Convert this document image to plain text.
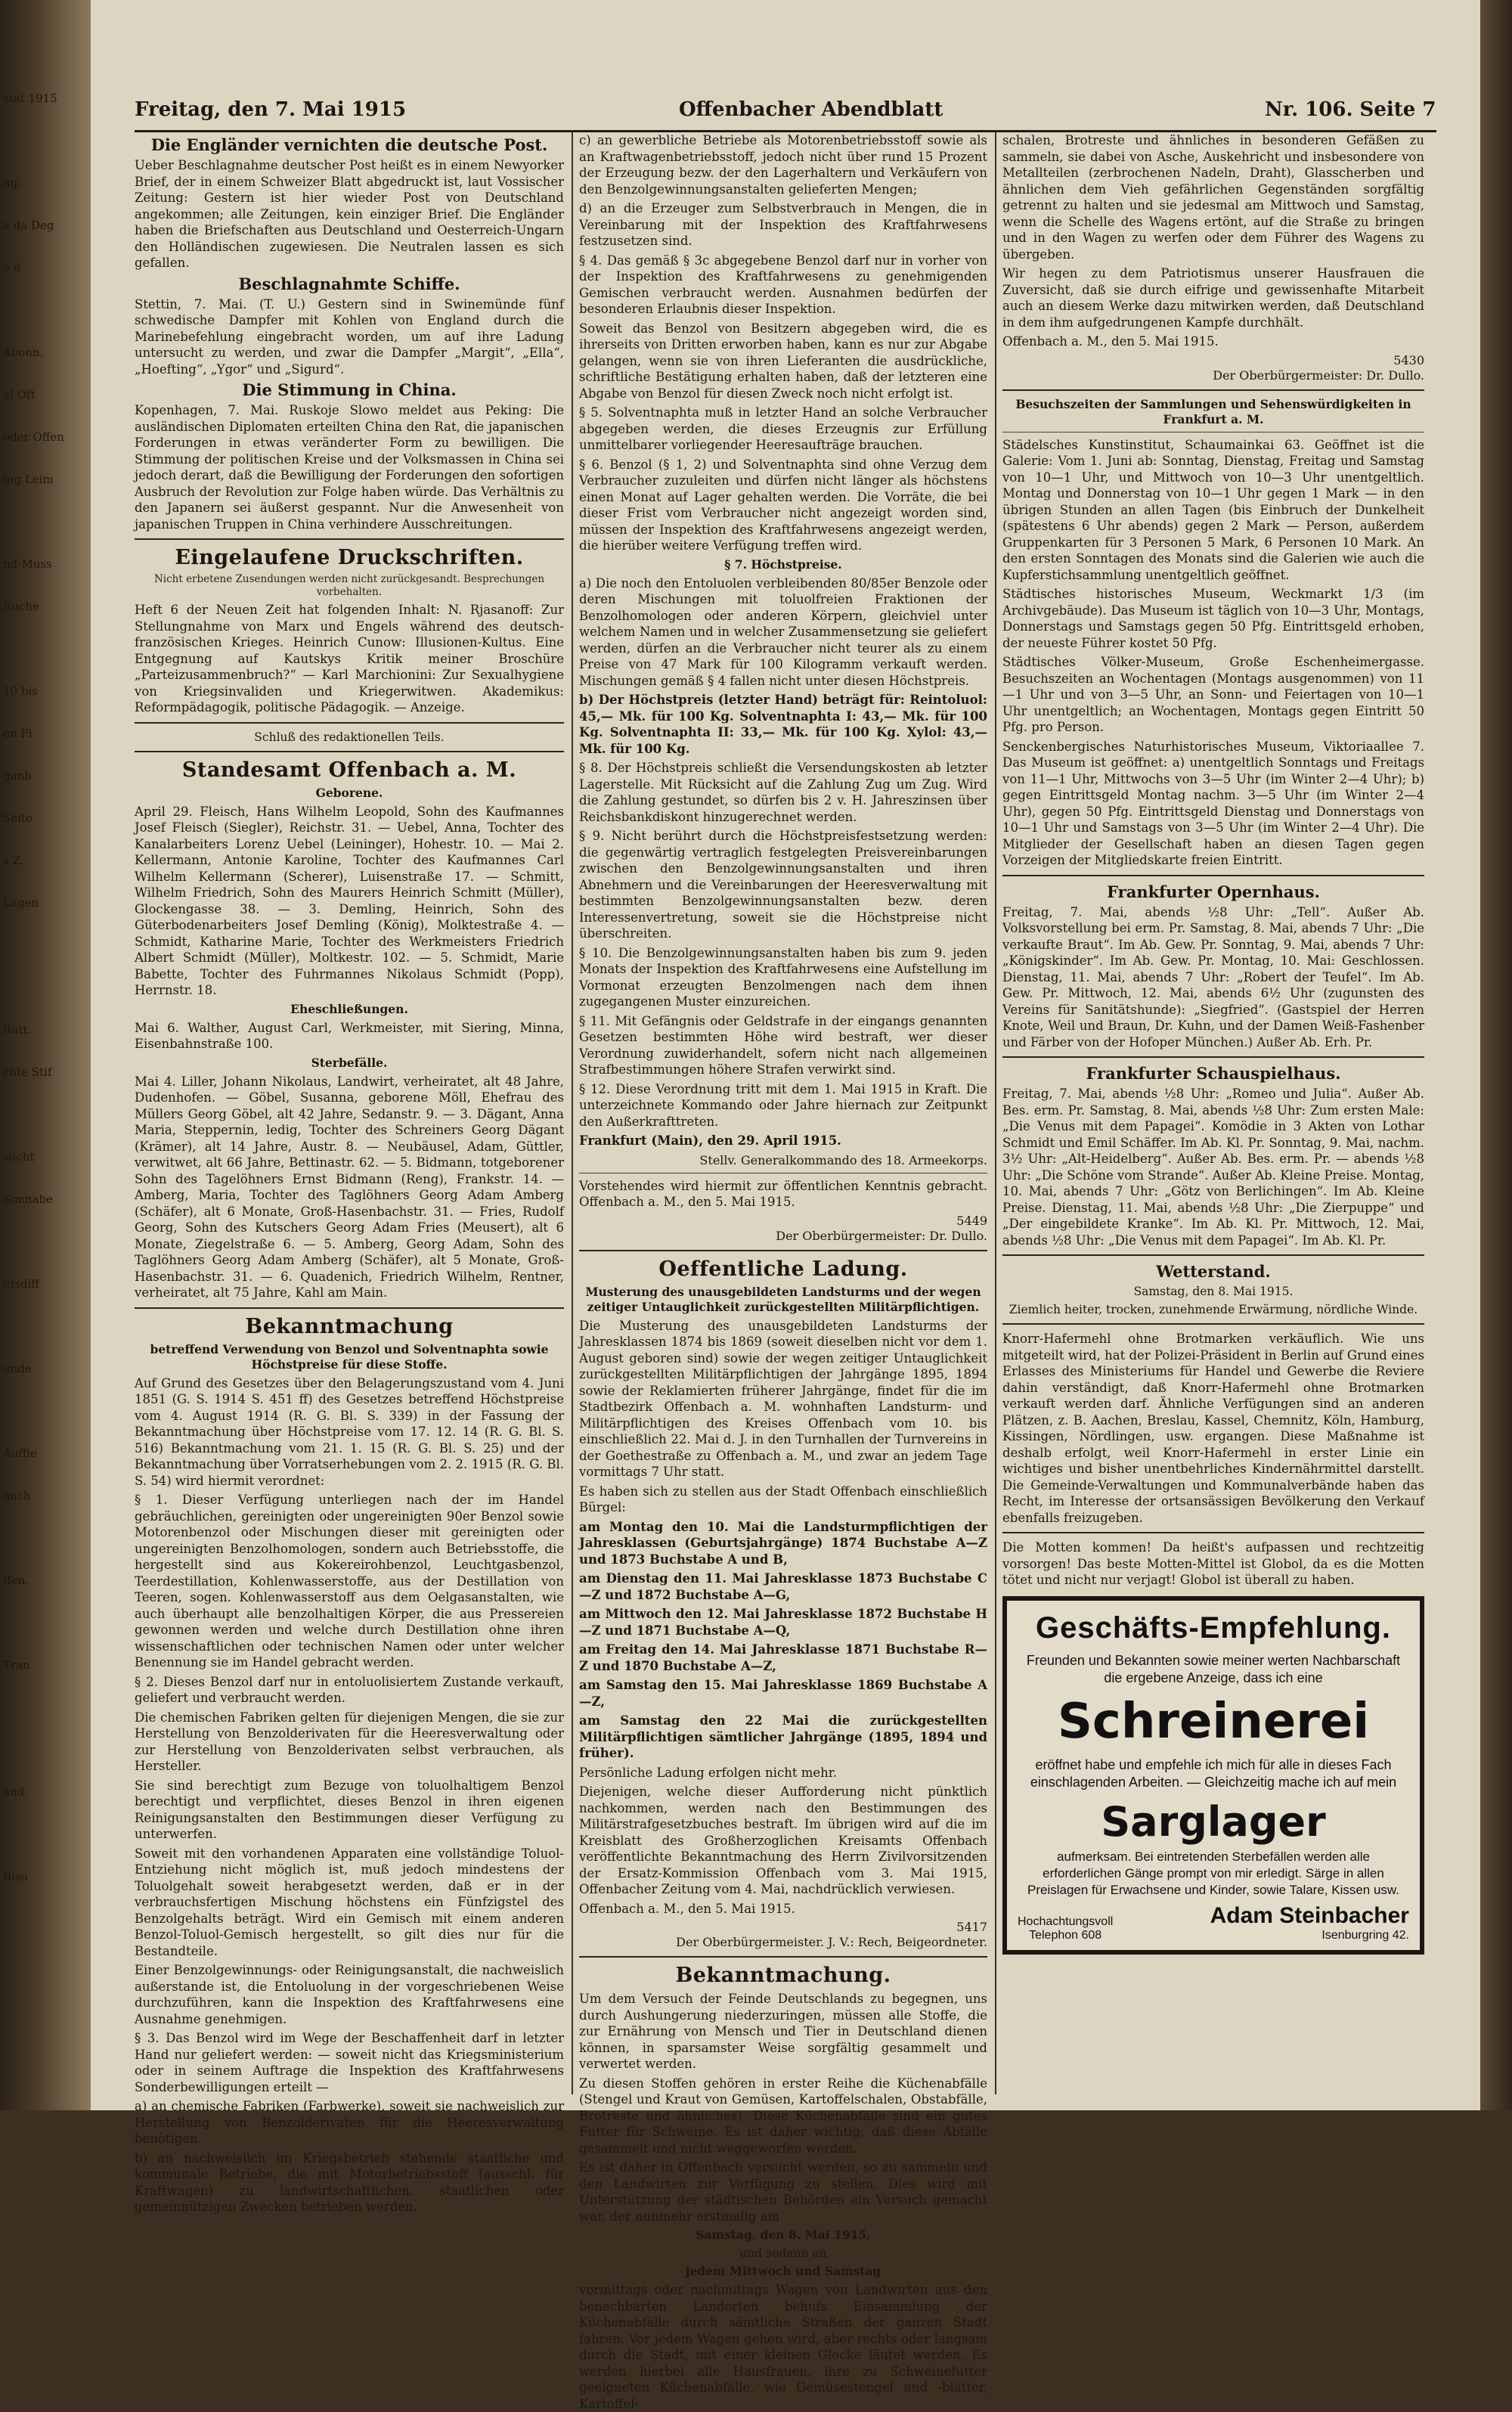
stat 1915
ng.
a da Deg
e d
Abonn.
al Oft
oder Offen
ing Leim
nd-Muss
Ruche
10 bis
en Fi
ganb
Seite
s Z.
Lagen
Ratt.
chte Stif
sucht
Sonnabe
ufsdiff
unde
Auffle
nach
ffen.
Tran
and.
Biso
Freitag, den 7. Mai 1915	Offenbacher Abendblatt	Nr. 106. Seite 7
Die Engländer vernichten die deutsche Post.

Ueber Beschlagnahme deutscher Post heißt es in einem Newyorker Brief, der in einem Schweizer Blatt abgedruckt ist, laut Vossischer Zeitung: Gestern ist hier wieder Post von Deutschland angekommen; alle Zeitungen, kein einziger Brief. Die Engländer haben die Briefschaften aus Deutschland und Oesterreich-Ungarn den Holländischen zugewiesen. Die Neutralen lassen es sich gefallen.

Beschlagnahmte Schiffe.

Stettin, 7. Mai. (T. U.) Gestern sind in Swinemünde fünf schwedische Dampfer mit Kohlen von England durch die Marinebefehlung eingebracht worden, um auf ihre Ladung untersucht zu werden, und zwar die Dampfer „Margit“, „Ella“, „Hoefting“, „Ygor“ und „Sigurd“.

Die Stimmung in China.

Kopenhagen, 7. Mai. Ruskoje Slowo meldet aus Peking: Die ausländischen Diplomaten erteilten China den Rat, die japanischen Forderungen in etwas veränderter Form zu bewilligen. Die Stimmung der politischen Kreise und der Volksmassen in China sei jedoch derart, daß die Bewilligung der Forderungen den sofortigen Ausbruch der Revolution zur Folge haben würde. Das Verhältnis zu den Japanern sei äußerst gespannt. Nur die Anwesenheit von japanischen Truppen in China verhindere Ausschreitungen.

Eingelaufene Druckschriften.
Nicht erbetene Zusendungen werden nicht zurückgesandt. Besprechungen vorbehalten.

Heft 6 der Neuen Zeit hat folgenden Inhalt: N. Rjasanoff: Zur Stellungnahme von Marx und Engels während des deutsch-französischen Krieges. Heinrich Cunow: Illusionen-Kultus. Eine Entgegnung auf Kautskys Kritik meiner Broschüre „Parteizusammenbruch?“ — Karl Marchionini: Zur Sexualhygiene von Kriegsinvaliden und Kriegerwitwen. Akademikus: Reformpädagogik, politische Pädagogik. — Anzeige.

Schluß des redaktionellen Teils.
Standesamt Offenbach a. M.
Geborene.

April 29. Fleisch, Hans Wilhelm Leopold, Sohn des Kaufmannes Josef Fleisch (Siegler), Reichstr. 31. — Uebel, Anna, Tochter des Kanalarbeiters Lorenz Uebel (Leininger), Hohestr. 10. — Mai 2. Kellermann, Antonie Karoline, Tochter des Kaufmannes Carl Wilhelm Kellermann (Scherer), Luisenstraße 17. — Schmitt, Wilhelm Friedrich, Sohn des Maurers Heinrich Schmitt (Müller), Glockengasse 38. — 3. Demling, Heinrich, Sohn des Güterbodenarbeiters Josef Demling (König), Molktestraße 4. — Schmidt, Katharine Marie, Tochter des Werkmeisters Friedrich Albert Schmidt (Müller), Moltkestr. 102. — 5. Schmidt, Marie Babette, Tochter des Fuhrmannes Nikolaus Schmidt (Popp), Herrnstr. 18.

Eheschließungen.

Mai 6. Walther, August Carl, Werkmeister, mit Siering, Minna, Eisenbahnstraße 100.

Sterbefälle.

Mai 4. Liller, Johann Nikolaus, Landwirt, verheiratet, alt 48 Jahre, Dudenhofen. — Göbel, Susanna, geborene Möll, Ehefrau des Müllers Georg Göbel, alt 42 Jahre, Sedanstr. 9. — 3. Dägant, Anna Maria, Steppernin, ledig, Tochter des Schreiners Georg Dägant (Krämer), alt 14 Jahre, Austr. 8. — Neubäusel, Adam, Güttler, verwitwet, alt 66 Jahre, Bettinastr. 62. — 5. Bidmann, totgeborener Sohn des Tagelöhners Ernst Bidmann (Reng), Frankstr. 14. — Amberg, Maria, Tochter des Taglöhners Georg Adam Amberg (Schäfer), alt 6 Monate, Groß-Hasenbachstr. 31. — Fries, Rudolf Georg, Sohn des Kutschers Georg Adam Fries (Meusert), alt 6 Monate, Ziegelstraße 6. — 5. Amberg, Georg Adam, Sohn des Taglöhners Georg Adam Amberg (Schäfer), alt 5 Monate, Groß-Hasenbachstr. 31. — 6. Quadenich, Friedrich Wilhelm, Rentner, verheiratet, alt 75 Jahre, Kahl am Main.

Bekanntmachung
betreffend Verwendung von Benzol und Solventnaphta sowie Höchstpreise für diese Stoffe.

Auf Grund des Gesetzes über den Belagerungszustand vom 4. Juni 1851 (G. S. 1914 S. 451 ff) des Gesetzes betreffend Höchstpreise vom 4. August 1914 (R. G. Bl. S. 339) in der Fassung der Bekanntmachung über Höchstpreise vom 17. 12. 14 (R. G. Bl. S. 516) Bekanntmachung vom 21. 1. 15 (R. G. Bl. S. 25) und der Bekanntmachung über Vorratserhebungen vom 2. 2. 1915 (R. G. Bl. S. 54) wird hiermit verordnet:

§ 1. Dieser Verfügung unterliegen nach der im Handel gebräuchlichen, gereinigten oder ungereinigten 90er Benzol sowie Motorenbenzol oder Mischungen dieser mit gereinigten oder ungereinigten Benzolhomologen, sondern auch Betriebsstoffe, die hergestellt sind aus Kokereirohbenzol, Leuchtgasbenzol, Teerdestillation, Kohlenwasserstoffe, aus der Destillation von Teeren, sogen. Kohlenwasserstoff aus dem Oelgasanstalten, wie auch überhaupt alle benzolhaltigen Körper, die aus Pressereien gewonnen werden und welche durch Destillation ohne ihren wissenschaftlichen oder technischen Namen oder unter welcher Benennung sie im Handel gebracht werden.

§ 2. Dieses Benzol darf nur in entoluolisiertem Zustande verkauft, geliefert und verbraucht werden.

Die chemischen Fabriken gelten für diejenigen Mengen, die sie zur Herstellung von Benzolderivaten für die Heeresverwaltung oder zur Herstellung von Benzolderivaten selbst verbrauchen, als Hersteller.

Sie sind berechtigt zum Bezuge von toluolhaltigem Benzol berechtigt und verpflichtet, dieses Benzol in ihren eigenen Reinigungsanstalten den Bestimmungen dieser Verfügung zu unterwerfen.

Soweit mit den vorhandenen Apparaten eine vollständige Toluol-Entziehung nicht möglich ist, muß jedoch mindestens der Toluolgehalt soweit herabgesetzt werden, daß er in der verbrauchsfertigen Mischung höchstens ein Fünfzigstel des Benzolgehalts beträgt. Wird ein Gemisch mit einem anderen Benzol-Toluol-Gemisch hergestellt, so gilt dies nur für die Bestandteile.

Einer Benzolgewinnungs- oder Reinigungsanstalt, die nachweislich außerstande ist, die Entoluolung in der vorgeschriebenen Weise durchzuführen, kann die Inspektion des Kraftfahrwesens eine Ausnahme genehmigen.

§ 3. Das Benzol wird im Wege der Beschaffenheit darf in letzter Hand nur geliefert werden: — soweit nicht das Kriegsministerium oder in seinem Auftrage die Inspektion des Kraftfahrwesens Sonderbewilligungen erteilt —

a) an chemische Fabriken (Farbwerke), soweit sie nachweislich zur Herstellung von Benzolderivaten für die Heeresverwaltung benötigen.

b) an nachweislich im Kriegsbetrieb stehende staatliche und kommunale Betriebe, die mit Motorbetriebsstoff (ausschl. für Kraftwagen) zu landwirtschaftlichen, staatlichen oder gemeinnützigen Zwecken betrieben werden.

c) an gewerbliche Betriebe als Motorenbetriebsstoff sowie als an Kraftwagenbetriebsstoff, jedoch nicht über rund 15 Prozent der Erzeugung bezw. der den Lagerhaltern und Verkäufern von den Benzolgewinnungsanstalten gelieferten Mengen;

d) an die Erzeuger zum Selbstverbrauch in Mengen, die in Vereinbarung mit der Inspektion des Kraftfahrwesens festzusetzen sind.

§ 4. Das gemäß § 3c abgegebene Benzol darf nur in vorher von der Inspektion des Kraftfahrwesens zu genehmigenden Gemischen verbraucht werden. Ausnahmen bedürfen der besonderen Erlaubnis dieser Inspektion.

Soweit das Benzol von Besitzern abgegeben wird, die es ihrerseits von Dritten erworben haben, kann es nur zur Abgabe gelangen, wenn sie von ihren Lieferanten die ausdrückliche, schriftliche Bestätigung erhalten haben, daß der letzteren eine Abgabe von Benzol für diesen Zweck noch nicht erfolgt ist.

§ 5. Solventnaphta muß in letzter Hand an solche Verbraucher abgegeben werden, die dieses Erzeugnis zur Erfüllung unmittelbarer vorliegender Heeresaufträge brauchen.

§ 6. Benzol (§ 1, 2) und Solventnaphta sind ohne Verzug dem Verbraucher zuzuleiten und dürfen nicht länger als höchstens einen Monat auf Lager gehalten werden. Die Vorräte, die bei dieser Frist vom Verbraucher nicht angezeigt worden sind, müssen der Inspektion des Kraftfahrwesens angezeigt werden, die hierüber weitere Verfügung treffen wird.

§ 7. Höchstpreise.

a) Die noch den Entoluolen verbleibenden 80/85er Benzole oder deren Mischungen mit toluolfreien Fraktionen der Benzolhomologen oder anderen Körpern, gleichviel unter welchem Namen und in welcher Zusammensetzung sie geliefert werden, dürfen an die Verbraucher nicht teurer als zu einem Preise von 47 Mark für 100 Kilogramm verkauft werden. Mischungen gemäß § 4 fallen nicht unter diesen Höchstpreis.

b) Der Höchstpreis (letzter Hand) beträgt für: Reintoluol: 45,— Mk. für 100 Kg. Solventnaphta I: 43,— Mk. für 100 Kg. Solventnaphta II: 33,— Mk. für 100 Kg. Xylol: 43,— Mk. für 100 Kg.

§ 8. Der Höchstpreis schließt die Versendungskosten ab letzter Lagerstelle. Mit Rücksicht auf die Zahlung Zug um Zug. Wird die Zahlung gestundet, so dürfen bis 2 v. H. Jahreszinsen über Reichsbankdiskont hinzugerechnet werden.

§ 9. Nicht berührt durch die Höchstpreisfestsetzung werden: die gegenwärtig vertraglich festgelegten Preisvereinbarungen zwischen den Benzolgewinnungsanstalten und ihren Abnehmern und die Vereinbarungen der Heeresverwaltung mit bestimmten Benzolgewinnungsanstalten bezw. deren Interessenvertretung, soweit sie die Höchstpreise nicht überschreiten.

§ 10. Die Benzolgewinnungsanstalten haben bis zum 9. jeden Monats der Inspektion des Kraftfahrwesens eine Aufstellung im Vormonat erzeugten Benzolmengen nach dem ihnen zugegangenen Muster einzureichen.

§ 11. Mit Gefängnis oder Geldstrafe in der eingangs genannten Gesetzen bestimmten Höhe wird bestraft, wer dieser Verordnung zuwiderhandelt, sofern nicht nach allgemeinen Strafbestimmungen höhere Strafen verwirkt sind.

§ 12. Diese Verordnung tritt mit dem 1. Mai 1915 in Kraft. Die unterzeichnete Kommando oder Jahre hiernach zur Zeitpunkt den Außerkrafttreten.

Frankfurt (Main), den 29. April 1915.

Stellv. Generalkommando des 18. Armeekorps.

Vorstehendes wird hiermit zur öffentlichen Kenntnis gebracht. Offenbach a. M., den 5. Mai 1915.

5449
Der Oberbürgermeister: Dr. Dullo.
Oeffentliche Ladung.
Musterung des unausgebildeten Landsturms und der wegen zeitiger Untauglichkeit zurückgestellten Militärpflichtigen.

Die Musterung des unausgebildeten Landsturms der Jahresklassen 1874 bis 1869 (soweit dieselben nicht vor dem 1. August geboren sind) sowie der wegen zeitiger Untauglichkeit zurückgestellten Militärpflichtigen der Jahrgänge 1895, 1894 sowie der Reklamierten früherer Jahrgänge, findet für die im Stadtbezirk Offenbach a. M. wohnhaften Landsturm- und Militärpflichtigen des Kreises Offenbach vom 10. bis einschließlich 22. Mai d. J. in den Turnhallen der Turnvereins in der Goethestraße zu Offenbach a. M., und zwar an jedem Tage vormittags 7 Uhr statt.

Es haben sich zu stellen aus der Stadt Offenbach einschließlich Bürgel:

am Montag den 10. Mai die Landsturmpflichtigen der Jahresklassen (Geburtsjahrgänge) 1874 Buchstabe A—Z und 1873 Buchstabe A und B,

am Dienstag den 11. Mai Jahresklasse 1873 Buchstabe C—Z und 1872 Buchstabe A—G,

am Mittwoch den 12. Mai Jahresklasse 1872 Buchstabe H—Z und 1871 Buchstabe A—Q,

am Freitag den 14. Mai Jahresklasse 1871 Buchstabe R—Z und 1870 Buchstabe A—Z,

am Samstag den 15. Mai Jahresklasse 1869 Buchstabe A—Z,

am Samstag den 22 Mai die zurückgestellten Militärpflichtigen sämtlicher Jahrgänge (1895, 1894 und früher).

Persönliche Ladung erfolgen nicht mehr.

Diejenigen, welche dieser Aufforderung nicht pünktlich nachkommen, werden nach den Bestimmungen des Militärstrafgesetzbuches bestraft. Im übrigen wird auf die im Kreisblatt des Großherzoglichen Kreisamts Offenbach veröffentlichte Bekanntmachung des Herrn Zivilvorsitzenden der Ersatz-Kommission Offenbach vom 3. Mai 1915, Offenbacher Zeitung vom 4. Mai, nachdrücklich verwiesen.

Offenbach a. M., den 5. Mai 1915.

5417
Der Oberbürgermeister. J. V.: Rech, Beigeordneter.
Bekanntmachung.

Um dem Versuch der Feinde Deutschlands zu begegnen, uns durch Aushungerung niederzuringen, müssen alle Stoffe, die zur Ernährung von Mensch und Tier in Deutschland dienen können, in sparsamster Weise sorgfältig gesammelt und verwertet werden.

Zu diesen Stoffen gehören in erster Reihe die Küchenabfälle (Stengel und Kraut von Gemüsen, Kartoffelschalen, Obstabfälle, Brotreste und ähnliches). Diese Küchenabfälle sind ein gutes Futter für Schweine. Es ist daher wichtig, daß diese Abfälle gesammelt und nicht weggeworfen werden.

Es ist daher in Offenbach versucht werden, so zu sammeln und den Landwirten zur Verfügung zu stellen. Dies wird mit Unterstützung der städtischen Behörden ein Versuch gemacht war, der nunmehr erstmalig am

Samstag, den 8. Mai 1915,
und sodann an
jedem Mittwoch und Samstag

vormittags oder nachmittags Wagen von Landwirten aus den benachbarten Landorten behufs Einsammlung der Küchenabfälle durch sämtliche Straßen der ganzen Stadt fahren. Vor jedem Wagen gehen wird, aber rechts oder langsam durch die Stadt, mit einer kleinen Glocke läutet werden. Es werden hierbei alle Hausfrauen, ihre zu Schweinefutter geeigneten Küchenabfälle, wie Gemüsestengel und -blätter, Kartoffel-

schalen, Brotreste und ähnliches in besonderen Gefäßen zu sammeln, sie dabei von Asche, Auskehricht und insbesondere von Metallteilen (zerbrochenen Nadeln, Draht), Glasscherben und ähnlichen dem Vieh gefährlichen Gegenständen sorgfältig getrennt zu halten und sie jedesmal am Mittwoch und Samstag, wenn die Schelle des Wagens ertönt, auf die Straße zu bringen und in den Wagen zu werfen oder dem Führer des Wagens zu übergeben.

Wir hegen zu dem Patriotismus unserer Hausfrauen die Zuversicht, daß sie durch eifrige und gewissenhafte Mitarbeit auch an diesem Werke dazu mitwirken werden, daß Deutschland in dem ihm aufgedrungenen Kampfe durchhält.

Offenbach a. M., den 5. Mai 1915.

5430
Der Oberbürgermeister: Dr. Dullo.
Besuchszeiten der Sammlungen und Sehenswürdigkeiten in Frankfurt a. M.

Städelsches Kunstinstitut, Schaumainkai 63. Geöffnet ist die Galerie: Vom 1. Juni ab: Sonntag, Dienstag, Freitag und Samstag von 10—1 Uhr, und Mittwoch von 10—3 Uhr unentgeltlich. Montag und Donnerstag von 10—1 Uhr gegen 1 Mark — in den übrigen Stunden an allen Tagen (bis Einbruch der Dunkelheit (spätestens 6 Uhr abends) gegen 2 Mark — Person, außerdem Gruppenkarten für 3 Personen 5 Mark, 6 Personen 10 Mark. An den ersten Sonntagen des Monats sind die Galerien wie auch die Kupferstichsammlung unentgeltlich geöffnet.

Städtisches historisches Museum, Weckmarkt 1/3 (im Archivgebäude). Das Museum ist täglich von 10—3 Uhr, Montags, Donnerstags und Samstags gegen 50 Pfg. Eintrittsgeld erhoben, der neueste Führer kostet 50 Pfg.

Städtisches Völker-Museum, Große Eschenheimergasse. Besuchszeiten an Wochentagen (Montags ausgenommen) von 11—1 Uhr und von 3—5 Uhr, an Sonn- und Feiertagen von 10—1 Uhr unentgeltlich; an Wochentagen, Montags gegen Eintritt 50 Pfg. pro Person.

Senckenbergisches Naturhistorisches Museum, Viktoriaallee 7. Das Museum ist geöffnet: a) unentgeltlich Sonntags und Freitags von 11—1 Uhr, Mittwochs von 3—5 Uhr (im Winter 2—4 Uhr); b) gegen Eintrittsgeld Montag nachm. 3—5 Uhr (im Winter 2—4 Uhr), gegen 50 Pfg. Eintrittsgeld Dienstag und Donnerstags von 10—1 Uhr und Samstags von 3—5 Uhr (im Winter 2—4 Uhr). Die Mitglieder der Gesellschaft haben an diesen Tagen gegen Vorzeigen der Mitgliedskarte freien Eintritt.

Frankfurter Opernhaus.

Freitag, 7. Mai, abends ½8 Uhr: „Tell“. Außer Ab. Volksvorstellung bei erm. Pr. Samstag, 8. Mai, abends 7 Uhr: „Die verkaufte Braut“. Im Ab. Gew. Pr. Sonntag, 9. Mai, abends 7 Uhr: „Königskinder“. Im Ab. Gew. Pr. Montag, 10. Mai: Geschlossen. Dienstag, 11. Mai, abends 7 Uhr: „Robert der Teufel“. Im Ab. Gew. Pr. Mittwoch, 12. Mai, abends 6½ Uhr (zugunsten des Vereins für Sanitätshunde): „Siegfried“. (Gastspiel der Herren Knote, Weil und Braun, Dr. Kuhn, und der Damen Weiß-Fashenber und Färber von der Hofoper München.) Außer Ab. Erh. Pr.

Frankfurter Schauspielhaus.

Freitag, 7. Mai, abends ½8 Uhr: „Romeo und Julia“. Außer Ab. Bes. erm. Pr. Samstag, 8. Mai, abends ½8 Uhr: Zum ersten Male: „Die Venus mit dem Papagei“. Komödie in 3 Akten von Lothar Schmidt und Emil Schäffer. Im Ab. Kl. Pr. Sonntag, 9. Mai, nachm. 3½ Uhr: „Alt-Heidelberg“. Außer Ab. Bes. erm. Pr. — abends ½8 Uhr: „Die Schöne vom Strande“. Außer Ab. Kleine Preise. Montag, 10. Mai, abends 7 Uhr: „Götz von Berlichingen“. Im Ab. Kleine Preise. Dienstag, 11. Mai, abends ½8 Uhr: „Die Zierpuppe“ und „Der eingebildete Kranke“. Im Ab. Kl. Pr. Mittwoch, 12. Mai, abends ½8 Uhr: „Die Venus mit dem Papagei“. Im Ab. Kl. Pr.

Wetterstand.
Samstag, den 8. Mai 1915.
Ziemlich heiter, trocken, zunehmende Erwärmung, nördliche Winde.

Knorr-Hafermehl ohne Brotmarken verkäuflich. Wie uns mitgeteilt wird, hat der Polizei-Präsident in Berlin auf Grund eines Erlasses des Ministeriums für Handel und Gewerbe die Reviere dahin verständigt, daß Knorr-Hafermehl ohne Brotmarken verkauft werden darf. Ähnliche Verfügungen sind an anderen Plätzen, z. B. Aachen, Breslau, Kassel, Chemnitz, Köln, Hamburg, Kissingen, Nördlingen, usw. ergangen. Diese Maßnahme ist deshalb erfolgt, weil Knorr-Hafermehl in erster Linie ein wichtiges und bisher unentbehrliches Kindernährmittel darstellt. Die Gemeinde-Verwaltungen und Kommunalverbände haben das Recht, im Interesse der ortsansässigen Bevölkerung den Verkauf ebenfalls freizugeben.

Die Motten kommen! Da heißt's aufpassen und rechtzeitig vorsorgen! Das beste Motten-Mittel ist Globol, da es die Motten tötet und nicht nur verjagt! Globol ist überall zu haben.

Geschäfts-Empfehlung.
Freunden und Bekannten sowie meiner werten Nachbarschaft die ergebene Anzeige, dass ich eine
Schreinerei
eröffnet habe und empfehle ich mich für alle in dieses Fach einschlagenden Arbeiten. — Gleichzeitig mache ich auf mein
Sarglager
aufmerksam. Bei eintretenden Sterbefällen werden alle erforderlichen Gänge prompt von mir erledigt. Särge in allen Preislagen für Erwachsene und Kinder, sowie Talare, Kissen usw.
Hochachtungsvoll
Telephon 608
Adam Steinbacher
Isenburgring 42.
